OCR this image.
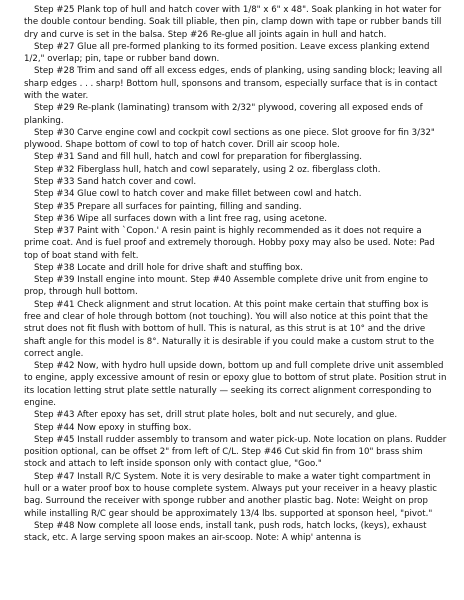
Step #25 Plank top of hull and hatch cover with 1/8" x 6" x 48". Soak planking in hot water for the double contour bending. Soak till pliable, then pin, clamp down with tape or rubber bands till dry and curve is set in the balsa. Step #26 Re-glue all joints again in hull and hatch.

Step #27 Glue all pre-formed planking to its formed position. Leave excess planking extend 1/2," overlap; pin, tape or rubber band down.

Step #28 Trim and sand off all excess edges, ends of planking, using sanding block; leaving all sharp edges . . . sharp! Bottom hull, sponsons and transom, especially surface that is in contact with the water.

Step #29 Re-plank (laminating) transom with 2/32" plywood, covering all exposed ends of planking.

Step #30 Carve engine cowl and cockpit cowl sections as one piece. Slot groove for fin 3/32" plywood. Shape bottom of cowl to top of hatch cover. Drill air scoop hole.

Step #31 Sand and fill hull, hatch and cowl for preparation for fiberglassing.

Step #32 Fiberglass hull, hatch and cowl separately, using 2 oz. fiberglass cloth.

Step #33 Sand hatch cover and cowl.

Step #34 Glue cowl to hatch cover and make fillet between cowl and hatch.

Step #35 Prepare all surfaces for painting, filling and sanding.

Step #36 Wipe all surfaces down with a lint free rag, using acetone.

Step #37 Paint with `Copon.' A resin paint is highly recommended as it does not require a prime coat. And is fuel proof and extremely thorough. Hobby poxy may also be used. Note: Pad top of boat stand with felt.

Step #38 Locate and drill hole for drive shaft and stuffing box.

Step #39 Install engine into mount. Step #40 Assemble complete drive unit from engine to prop, through hull bottom.

Step #41 Check alignment and strut location. At this point make certain that stuffing box is free and clear of hole through bottom (not touching). You will also notice at this point that the strut does not fit flush with bottom of hull. This is natural, as this strut is at 10° and the drive shaft angle for this model is 8°. Naturally it is desirable if you could make a custom strut to the correct angle.

Step #42 Now, with hydro hull upside down, bottom up and full complete drive unit assembled to engine, apply excessive amount of resin or epoxy glue to bottom of strut plate. Position strut in its location letting strut plate settle naturally — seeking its correct alignment corresponding to engine.

Step #43 After epoxy has set, drill strut plate holes, bolt and nut securely, and glue.

Step #44 Now epoxy in stuffing box.

Step #45 Install rudder assembly to transom and water pick-up. Note location on plans. Rudder position optional, can be offset 2" from left of C/L. Step #46 Cut skid fin from 10" brass shim stock and attach to left inside sponson only with contact glue, "Goo."

Step #47 Install R/C System. Note it is very desirable to make a water tight compartment in hull or a water proof box to house complete system. Always put your receiver in a heavy plastic bag. Surround the receiver with sponge rubber and another plastic bag. Note: Weight on prop while installing R/C gear should be approximately 13/4 lbs. supported at sponson heel, "pivot."

Step #48 Now complete all loose ends, install tank, push rods, hatch locks, (keys), exhaust stack, etc. A large serving spoon makes an air-scoop. Note: A whip' antenna is
